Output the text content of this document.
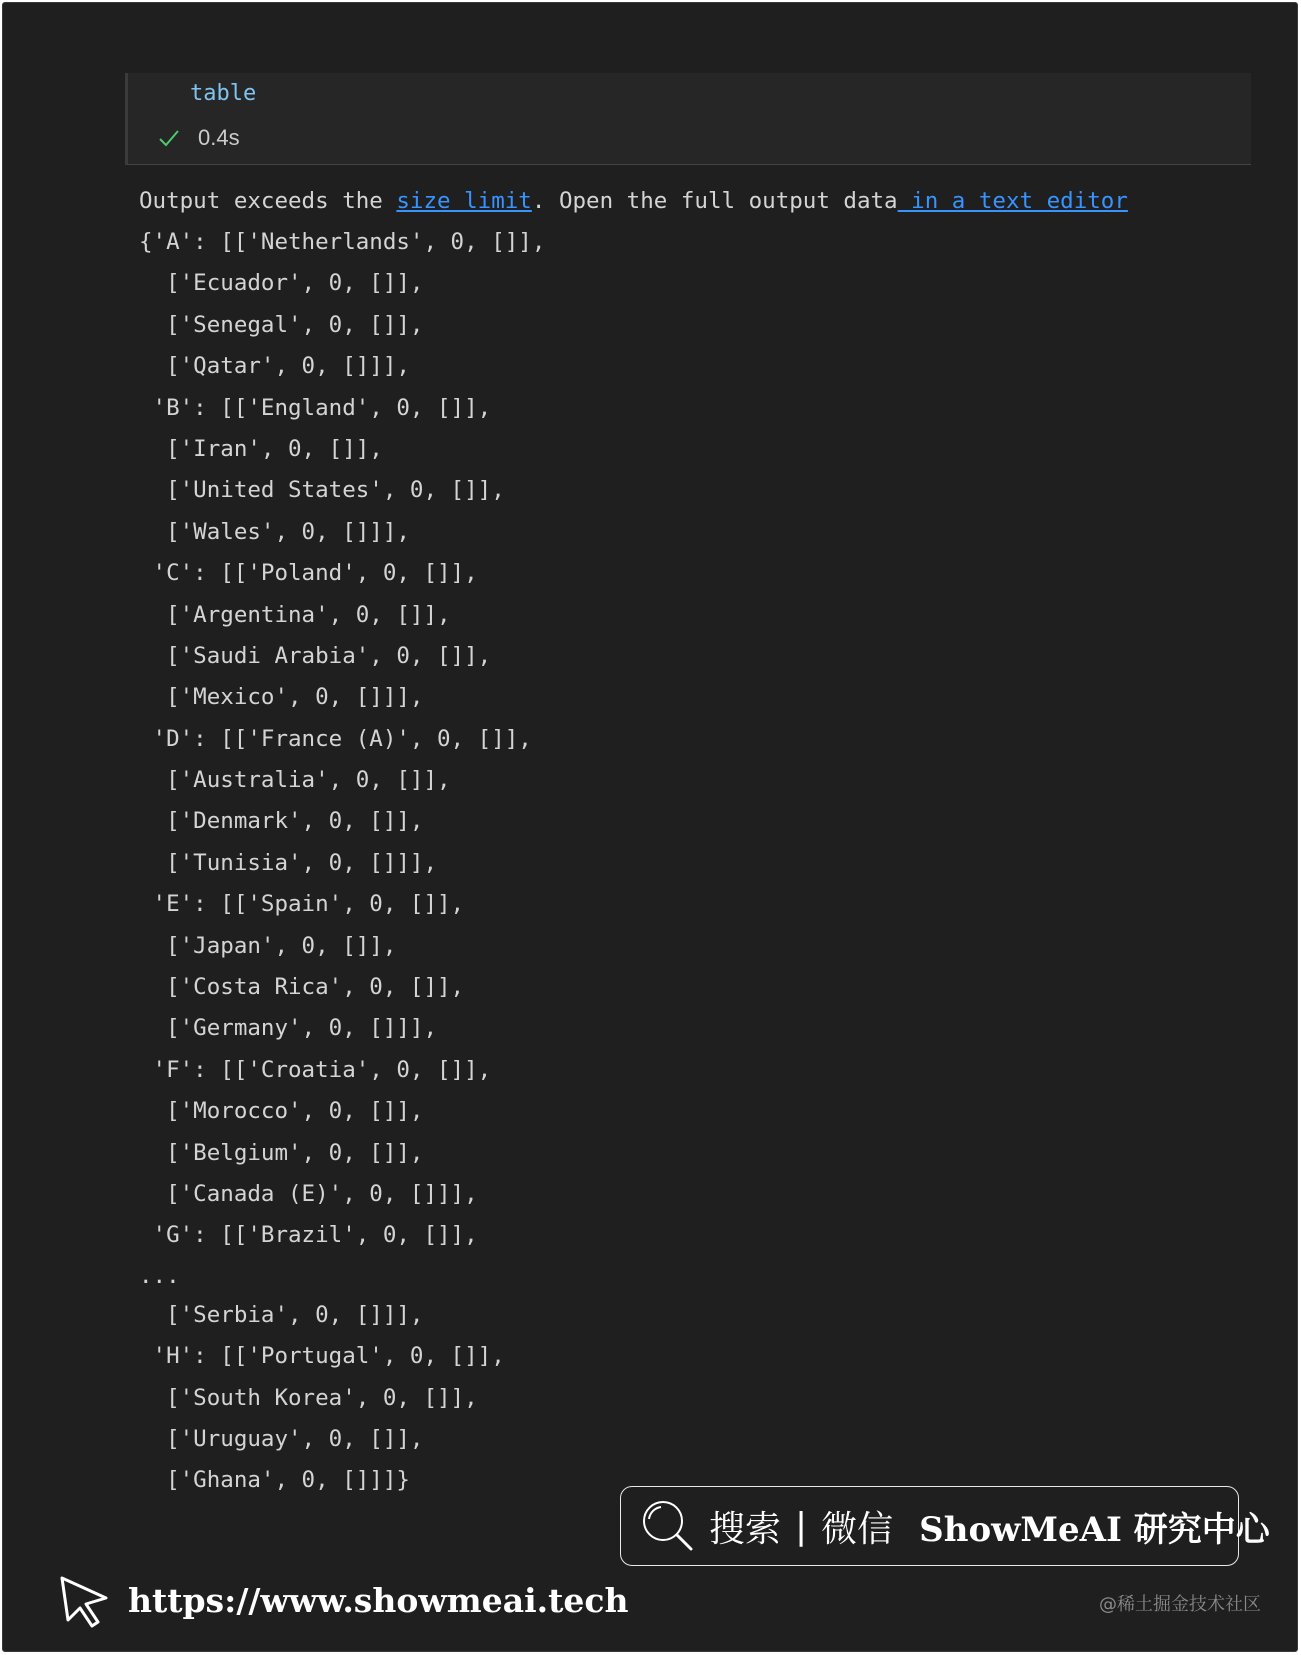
table
0.4s
Output exceeds the size limit. Open the full output data in a text editor
{'A': [['Netherlands', 0, []],
['Ecuador', 0, []],
['Senegal', 0, []],
['Qatar', 0, []]],
'B': [['England', 0, []],
['Iran', 0, []],
['United States', 0, []],
['Wales', 0, []]],
'C': [['Poland', 0, []],
['Argentina', 0, []],
['Saudi Arabia', 0, []],
['Mexico', 0, []]],
'D': [['France (A)', 0, []],
['Australia', 0, []],
['Denmark', 0, []],
['Tunisia', 0, []]],
'E': [['Spain', 0, []],
['Japan', 0, []],
['Costa Rica', 0, []],
['Germany', 0, []]],
'F': [['Croatia', 0, []],
['Morocco', 0, []],
['Belgium', 0, []],
['Canada (E)', 0, []]],
'G': [['Brazil', 0, []],
...
['Serbia', 0, []]],
'H': [['Portugal', 0, []],
['South Korea', 0, []],
['Uruguay', 0, []],
['Ghana', 0, []]]}
搜索 | 微信 ShowMeAI 研究中心
https://www.showmeai.tech	@稀土掘金技术社区
